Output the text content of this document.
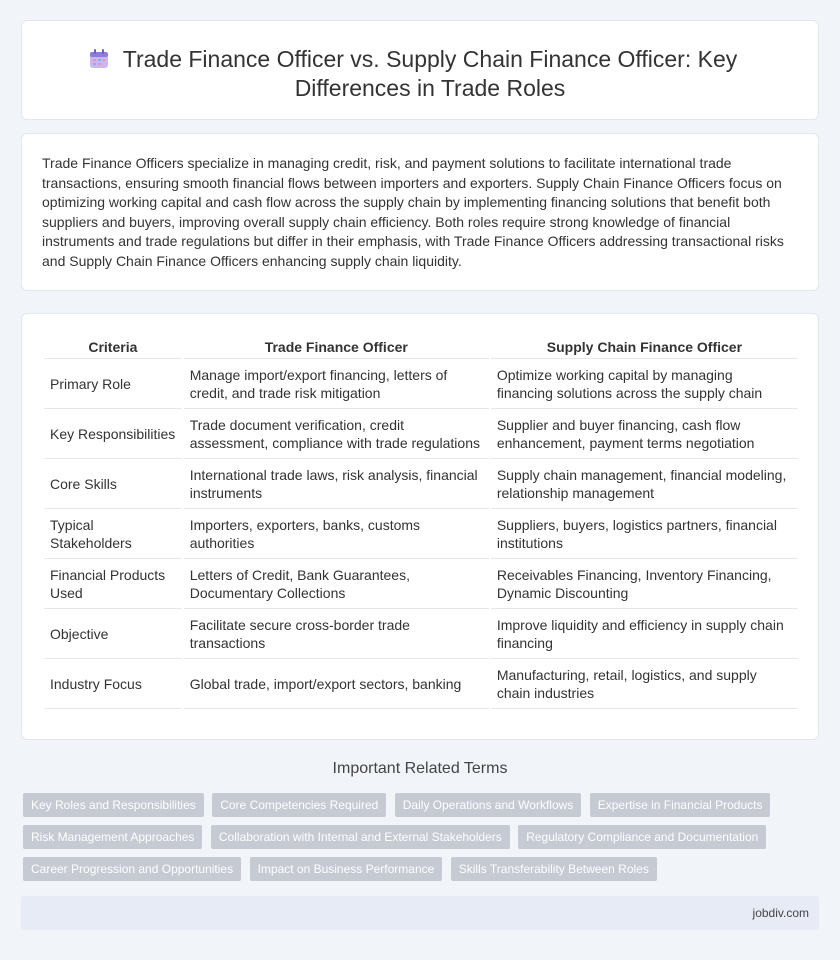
Trade Finance Officer vs. Supply Chain Finance Officer: Key Differences in Trade Roles

Trade Finance Officers specialize in managing credit, risk, and payment solutions to facilitate international trade transactions, ensuring smooth financial flows between importers and exporters. Supply Chain Finance Officers focus on optimizing working capital and cash flow across the supply chain by implementing financing solutions that benefit both suppliers and buyers, improving overall supply chain efficiency. Both roles require strong knowledge of financial instruments and trade regulations but differ in their emphasis, with Trade Finance Officers addressing transactional risks and Supply Chain Finance Officers enhancing supply chain liquidity.

Criteria	Trade Finance Officer	Supply Chain Finance Officer
Primary Role	Manage import/export financing, letters of credit, and trade risk mitigation	Optimize working capital by managing financing solutions across the supply chain
Key Responsibilities	Trade document verification, credit assessment, compliance with trade regulations	Supplier and buyer financing, cash flow enhancement, payment terms negotiation
Core Skills	International trade laws, risk analysis, financial instruments	Supply chain management, financial modeling, relationship management
Typical Stakeholders	Importers, exporters, banks, customs authorities	Suppliers, buyers, logistics partners, financial institutions
Financial Products Used	Letters of Credit, Bank Guarantees, Documentary Collections	Receivables Financing, Inventory Financing, Dynamic Discounting
Objective	Facilitate secure cross-border trade transactions	Improve liquidity and efficiency in supply chain financing
Industry Focus	Global trade, import/export sectors, banking	Manufacturing, retail, logistics, and supply chain industries
Important Related Terms
Key Roles and Responsibilities Core Competencies Required Daily Operations and Workflows Expertise in Financial Products Risk Management Approaches Collaboration with Internal and External Stakeholders Regulatory Compliance and Documentation Career Progression and Opportunities Impact on Business Performance Skills Transferability Between Roles
jobdiv.com
